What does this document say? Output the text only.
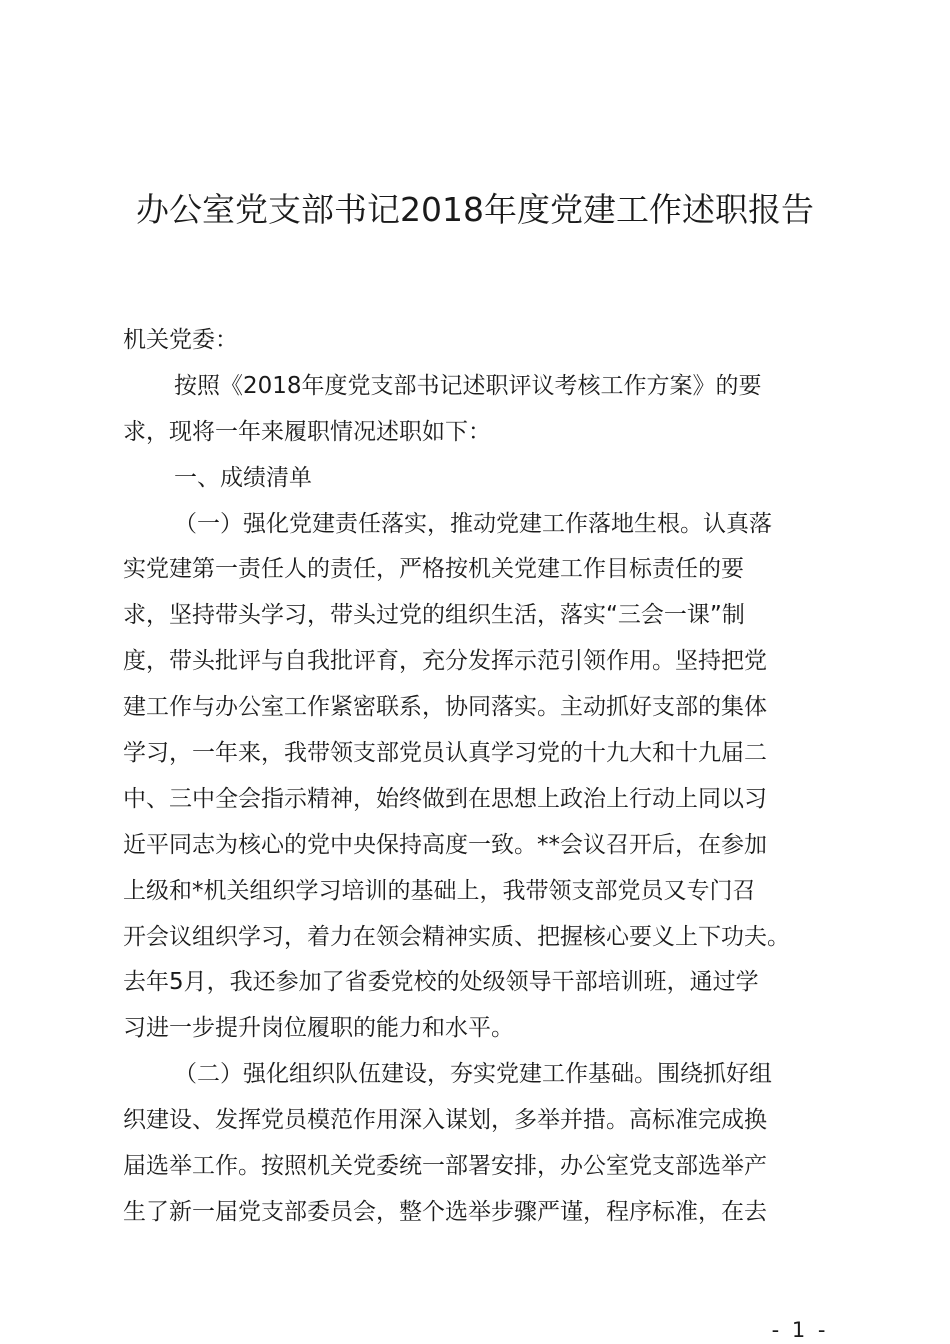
办公室党支部书记2018年度党建工作述职报告

机关党委：

按照《2018年度党支部书记述职评议考核工作方案》的要

求，现将一年来履职情况述职如下：

一、成绩清单

（一）强化党建责任落实，推动党建工作落地生根。认真落

实党建第一责任人的责任，严格按机关党建工作目标责任的要

求，坚持带头学习，带头过党的组织生活，落实“三会一课”制

度，带头批评与自我批评育，充分发挥示范引领作用。坚持把党

建工作与办公室工作紧密联系，协同落实。主动抓好支部的集体

学习，一年来，我带领支部党员认真学习党的十九大和十九届二

中、三中全会指示精神，始终做到在思想上政治上行动上同以习

近平同志为核心的党中央保持高度一致。**会议召开后，在参加

上级和*机关组织学习培训的基础上，我带领支部党员又专门召

开会议组织学习，着力在领会精神实质、把握核心要义上下功夫。

去年5月，我还参加了省委党校的处级领导干部培训班，通过学

习进一步提升岗位履职的能力和水平。

（二）强化组织队伍建设，夯实党建工作基础。围绕抓好组

织建设、发挥党员模范作用深入谋划，多举并措。高标准完成换

届选举工作。按照机关党委统一部署安排，办公室党支部选举产

生了新一届党支部委员会，整个选举步骤严谨，程序标准，在去

- 1 -
